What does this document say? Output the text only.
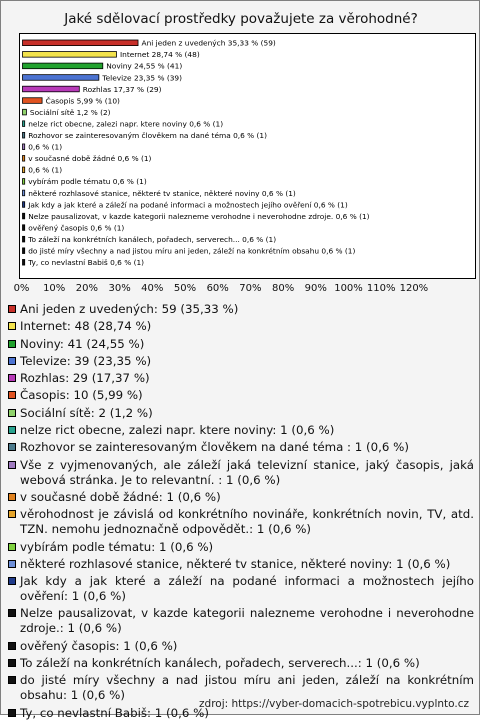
Jaké sdělovací prostředky považujete za věrohodné?
Ani jeden z uvedených 35,33 % (59)
Internet 28,74 % (48)
Noviny 24,55 % (41)
Televize 23,35 % (39)
Rozhlas 17,37 % (29)
Časopis 5,99 % (10)
Sociální sítě 1,2 % (2)
nelze rict obecne, zalezi napr. ktere noviny 0,6 % (1)
Rozhovor se zainteresovaným člověkem na dané téma 0,6 % (1)
0,6 % (1)
v současné době žádné 0,6 % (1)
0,6 % (1)
vybírám podle tématu 0,6 % (1)
některé rozhlasové stanice, některé tv stanice, některé noviny 0,6 % (1)
Jak kdy a jak které a záleží na podané informaci a možnostech jejího ověření 0,6 % (1)
Nelze pausalizovat, v kazde kategorii nalezneme verohodne i neverohodne zdroje. 0,6 % (1)
ověřený časopis 0,6 % (1)
To záleží na konkrétních kanálech, pořadech, serverech... 0,6 % (1)
do jisté míry všechny a nad jistou míru ani jeden, záleží na konkrétním obsahu 0,6 % (1)
Ty, co nevlastní Babiš 0,6 % (1)
0% 10% 20% 30% 40% 50% 60% 70% 80% 90% 100% 110% 120%
Ani jeden z uvedených: 59 (35,33 %)
Internet: 48 (28,74 %)
Noviny: 41 (24,55 %)
Televize: 39 (23,35 %)
Rozhlas: 29 (17,37 %)
Časopis: 10 (5,99 %)
Sociální sítě: 2 (1,2 %)
nelze rict obecne, zalezi napr. ktere noviny: 1 (0,6 %)
Rozhovor se zainteresovaným člověkem na dané téma : 1 (0,6 %)
Vše z vyjmenovaných, ale záleží jaká televizní stanice, jaký časopis, jaká webová stránka. Je to relevantní. : 1 (0,6 %)
v současné době žádné: 1 (0,6 %)
věrohodnost je závislá od konkrétního novináře, konkrétních novin, TV, atd. TZN. nemohu jednoznačně odpovědět.: 1 (0,6 %)
vybírám podle tématu: 1 (0,6 %)
některé rozhlasové stanice, některé tv stanice, některé noviny: 1 (0,6 %)
Jak kdy a jak které a záleží na podané informaci a možnostech jejího ověření: 1 (0,6 %)
Nelze pausalizovat, v kazde kategorii nalezneme verohodne i neverohodne zdroje.: 1 (0,6 %)
ověřený časopis: 1 (0,6 %)
To záleží na konkrétních kanálech, pořadech, serverech...: 1 (0,6 %)
do jisté míry všechny a nad jistou míru ani jeden, záleží na konkrétním obsahu: 1 (0,6 %)
Ty, co nevlastní Babiš: 1 (0,6 %)
zdroj: https://vyber-domacich-spotrebicu.vyplnto.cz
